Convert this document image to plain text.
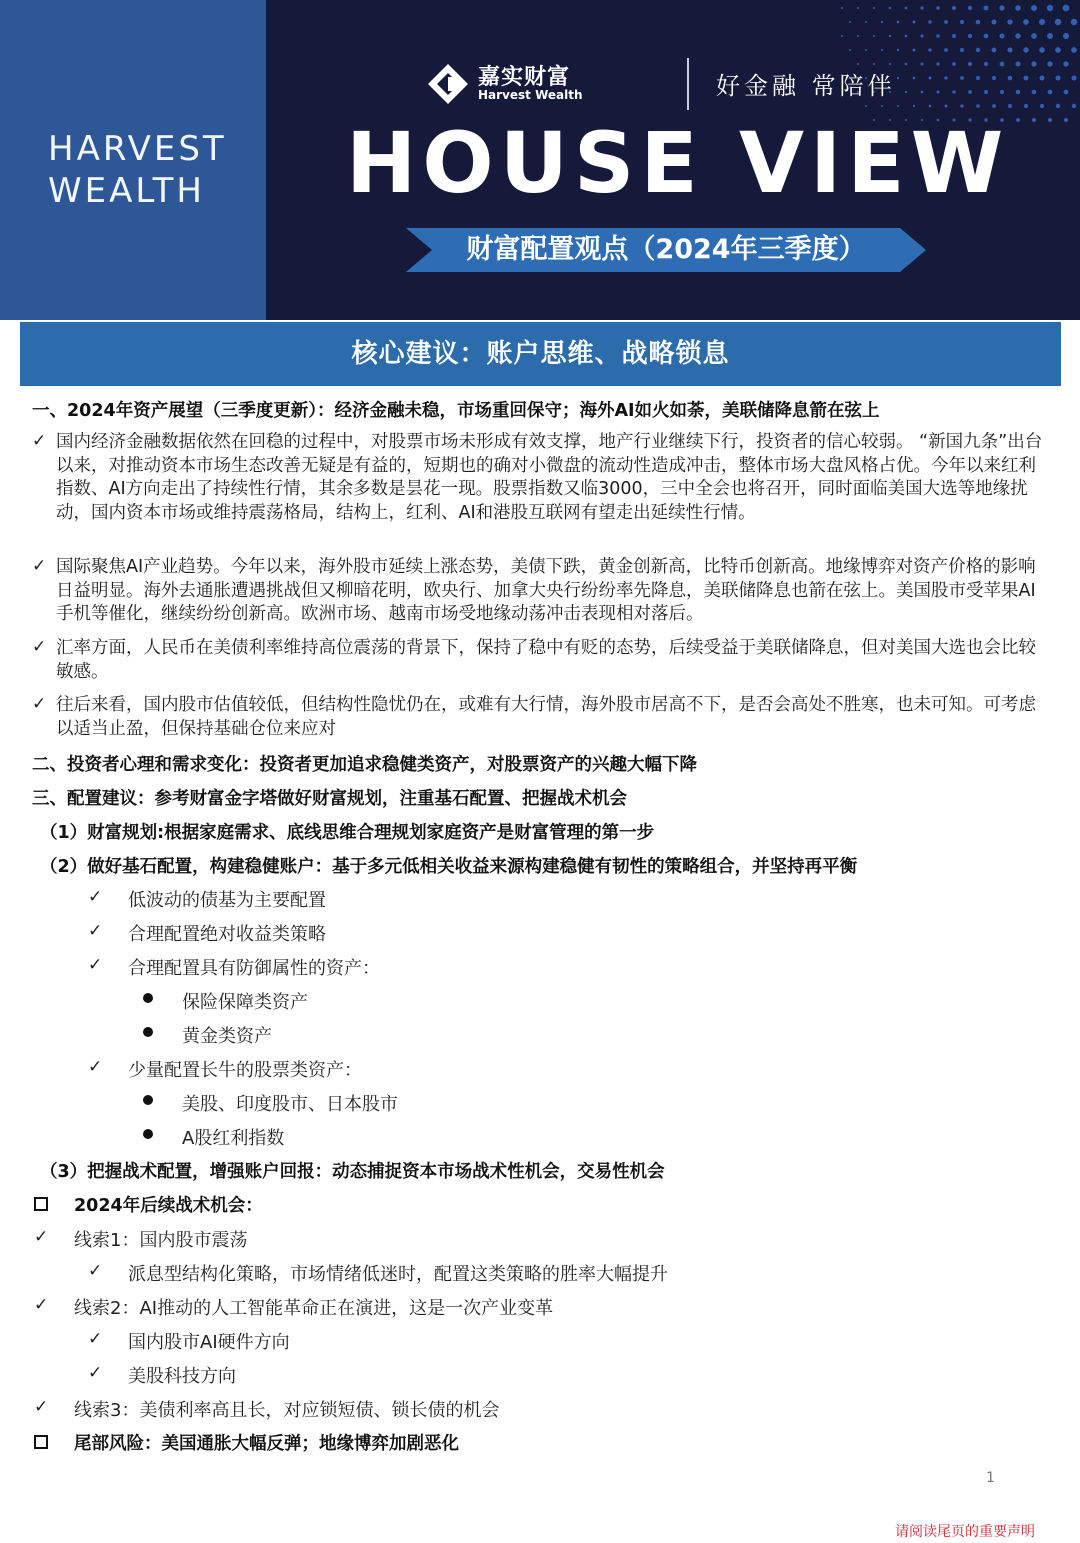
HARVEST
WEALTH
嘉实财富
Harvest Wealth	好金融 常陪伴
HOUSE VIEW
财富配置观点（2024年三季度）
核心建议：账户思维、战略锁息
一、2024年资产展望（三季度更新）：经济金融未稳，市场重回保守；海外AI如火如荼，美联储降息箭在弦上
✓ 国内经济金融数据依然在回稳的过程中，对股票市场未形成有效支撑，地产行业继续下行，投资者的信心较弱。 “新国九条”出台以来，对推动资本市场生态改善无疑是有益的，短期也的确对小微盘的流动性造成冲击，整体市场大盘风格占优。今年以来红利指数、AI方向走出了持续性行情，其余多数是昙花一现。股票指数又临3000，三中全会也将召开，同时面临美国大选等地缘扰动，国内资本市场或维持震荡格局，结构上，红利、AI和港股互联网有望走出延续性行情。
✓ 国际聚焦AI产业趋势。今年以来，海外股市延续上涨态势，美债下跌，黄金创新高，比特币创新高。地缘博弈对资产价格的影响日益明显。海外去通胀遭遇挑战但又柳暗花明，欧央行、加拿大央行纷纷率先降息，美联储降息也箭在弦上。美国股市受苹果AI手机等催化，继续纷纷创新高。欧洲市场、越南市场受地缘动荡冲击表现相对落后。
✓ 汇率方面，人民币在美债利率维持高位震荡的背景下，保持了稳中有贬的态势，后续受益于美联储降息，但对美国大选也会比较敏感。
✓ 往后来看，国内股市估值较低，但结构性隐忧仍在，或难有大行情，海外股市居高不下，是否会高处不胜寒，也未可知。可考虑以适当止盈，但保持基础仓位来应对
二、投资者心理和需求变化：投资者更加追求稳健类资产，对股票资产的兴趣大幅下降
三、配置建议：参考财富金字塔做好财富规划，注重基石配置、把握战术机会
（1）财富规划:根据家庭需求、底线思维合理规划家庭资产是财富管理的第一步
（2）做好基石配置，构建稳健账户：基于多元低相关收益来源构建稳健有韧性的策略组合，并坚持再平衡
✓ 低波动的债基为主要配置
✓ 合理配置绝对收益类策略
✓ 合理配置具有防御属性的资产：
保险保障类资产
黄金类资产
✓ 少量配置长牛的股票类资产：
美股、印度股市、日本股市
A股红利指数
（3）把握战术配置，增强账户回报：动态捕捉资本市场战术性机会，交易性机会
2024年后续战术机会：
✓ 线索1：国内股市震荡
✓ 派息型结构化策略，市场情绪低迷时，配置这类策略的胜率大幅提升
✓ 线索2：AI推动的人工智能革命正在演进，这是一次产业变革
✓ 国内股市AI硬件方向
✓ 美股科技方向
✓ 线索3：美债利率高且长，对应锁短债、锁长债的机会
尾部风险：美国通胀大幅反弹；地缘博弈加剧恶化
1
请阅读尾页的重要声明
